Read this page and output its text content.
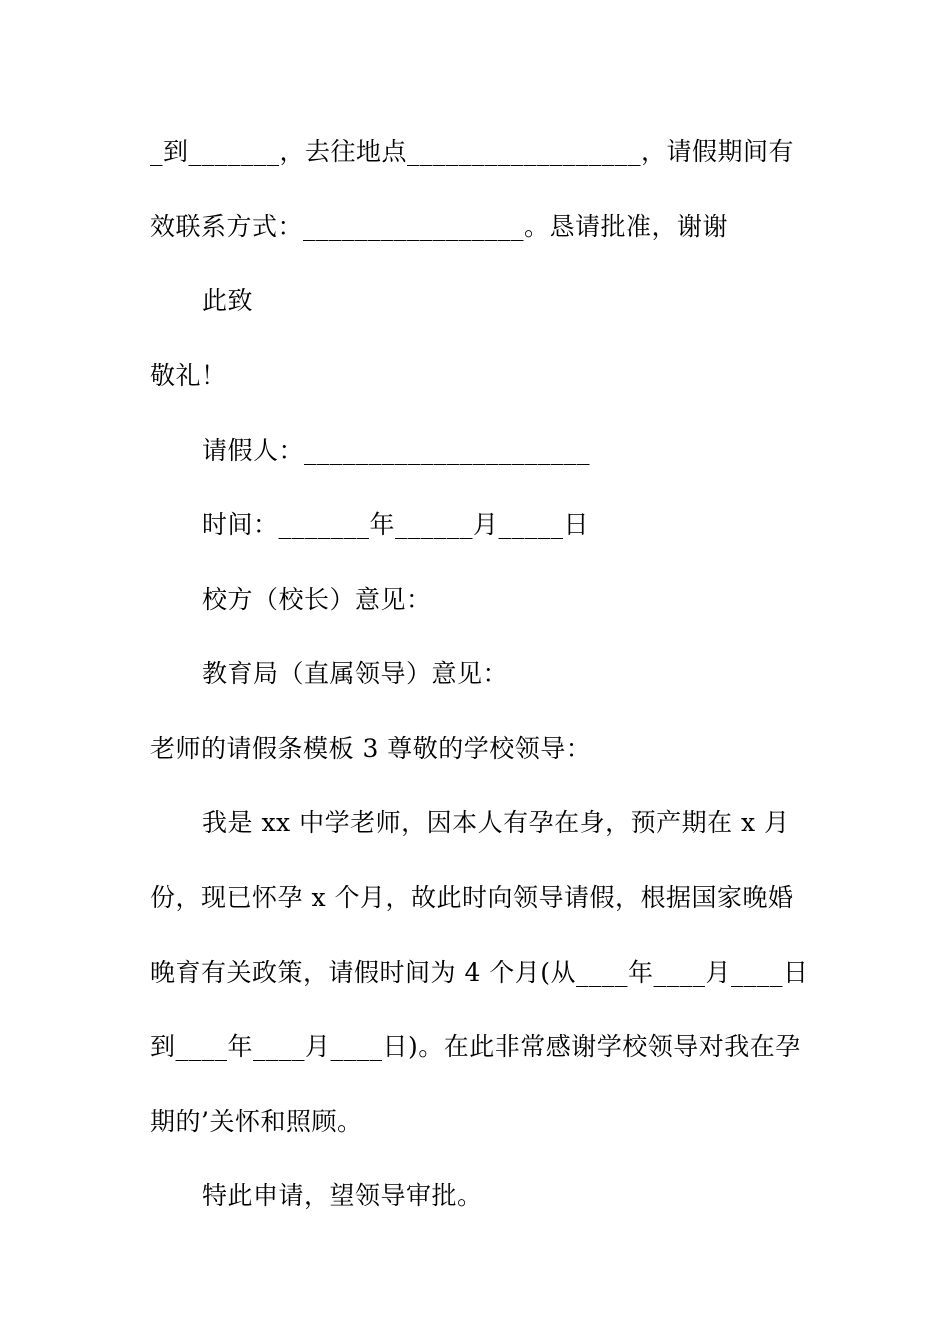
_到_______，去往地点__________________，请假期间有
效联系方式：_________________。恳请批准，谢谢
此致
敬礼！
请假人：______________________
时间：_______年______月_____日
校方（校长）意见：
教育局（直属领导）意见：
老师的请假条模板 3 尊敬的学校领导：
我是 xx 中学老师，因本人有孕在身，预产期在 x 月
份，现已怀孕 x 个月，故此时向领导请假，根据国家晚婚
晚育有关政策，请假时间为 4 个月(从____年____月____日
到____年____月____日)。在此非常感谢学校领导对我在孕
期的’关怀和照顾。
特此申请，望领导审批。
